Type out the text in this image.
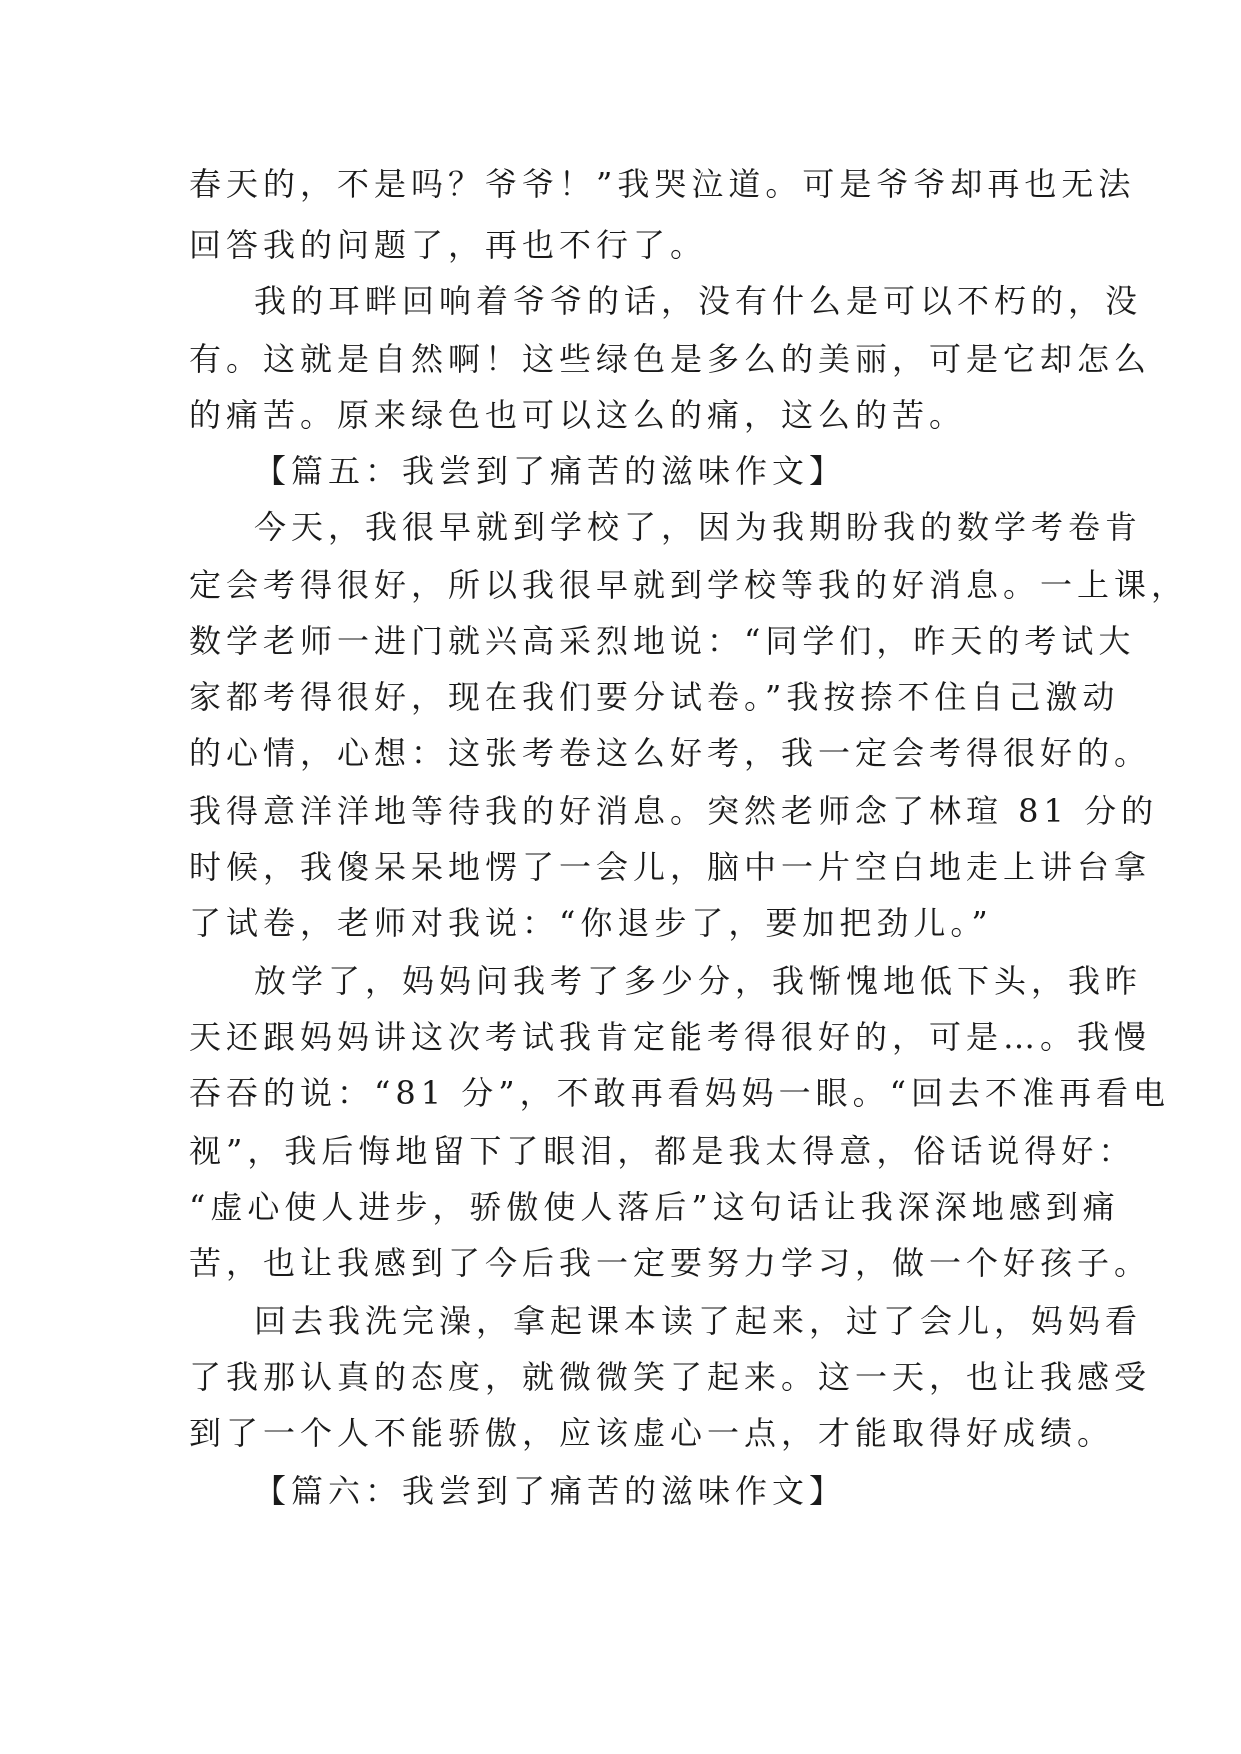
春天的，不是吗？爷爷！”我哭泣道。可是爷爷却再也无法
回答我的问题了，再也不行了。
我的耳畔回响着爷爷的话，没有什么是可以不朽的，没
有。这就是自然啊！这些绿色是多么的美丽，可是它却怎么
的痛苦。原来绿色也可以这么的痛，这么的苦。
【篇五：我尝到了痛苦的滋味作文】
今天，我很早就到学校了，因为我期盼我的数学考卷肯
定会考得很好，所以我很早就到学校等我的好消息。一上课，
数学老师一进门就兴高采烈地说：“同学们，昨天的考试大
家都考得很好，现在我们要分试卷。”我按捺不住自己激动
的心情，心想：这张考卷这么好考，我一定会考得很好的。
我得意洋洋地等待我的好消息。突然老师念了林瑄 81 分的
时候，我傻呆呆地愣了一会儿，脑中一片空白地走上讲台拿
了试卷，老师对我说：“你退步了，要加把劲儿。”
放学了，妈妈问我考了多少分，我惭愧地低下头，我昨
天还跟妈妈讲这次考试我肯定能考得很好的，可是…。我慢
吞吞的说：“81 分”，不敢再看妈妈一眼。“回去不准再看电
视”，我后悔地留下了眼泪，都是我太得意，俗话说得好：
“虚心使人进步，骄傲使人落后”这句话让我深深地感到痛
苦，也让我感到了今后我一定要努力学习，做一个好孩子。
回去我洗完澡，拿起课本读了起来，过了会儿，妈妈看
了我那认真的态度，就微微笑了起来。这一天，也让我感受
到了一个人不能骄傲，应该虚心一点，才能取得好成绩。
【篇六：我尝到了痛苦的滋味作文】
